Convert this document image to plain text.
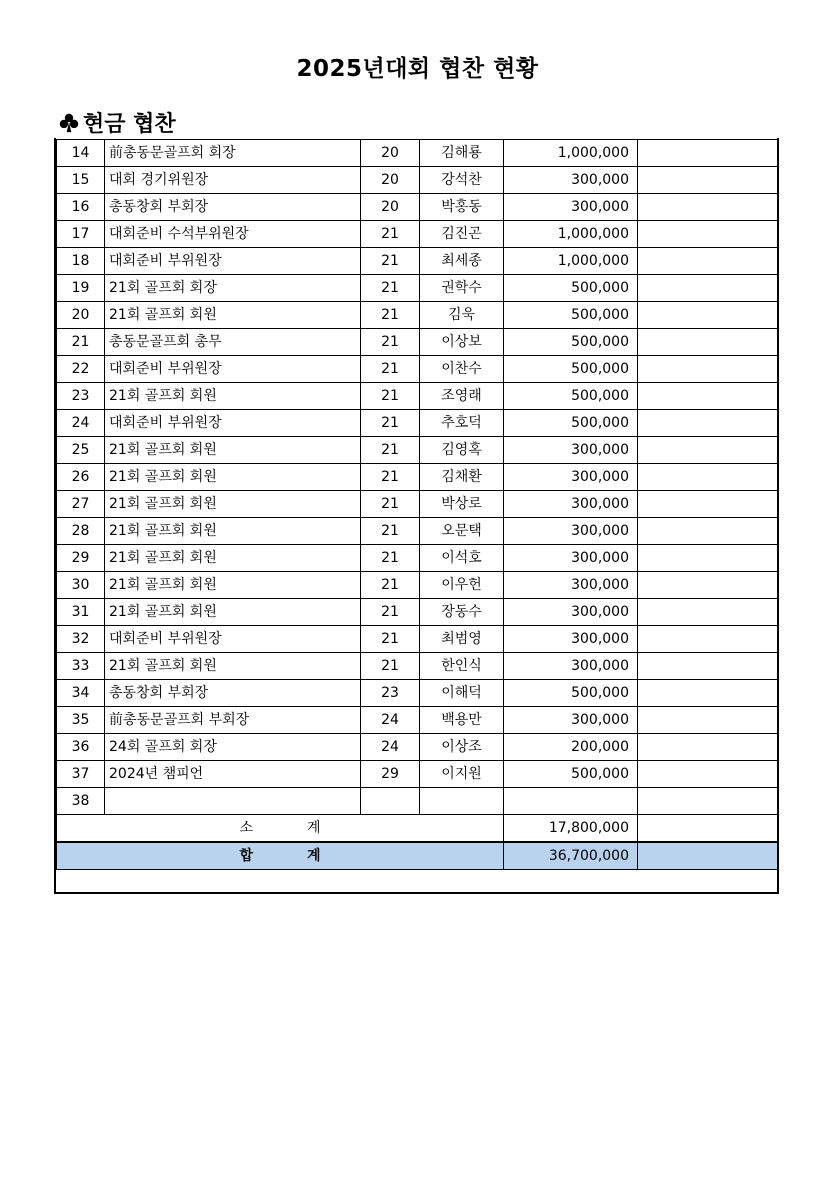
2025년대회 협찬 현황
현금 협찬
14	前총동문골프회 회장	20	김해룡	1,000,000	
15	대회 경기위원장	20	강석찬	300,000	
16	총동창회 부회장	20	박홍동	300,000	
17	대회준비 수석부위원장	21	김진곤	1,000,000	
18	대회준비 부위원장	21	최세종	1,000,000	
19	21회 골프회 회장	21	권학수	500,000	
20	21회 골프회 회원	21	김욱	500,000	
21	총동문골프회 총무	21	이상보	500,000	
22	대회준비 부위원장	21	이찬수	500,000	
23	21회 골프회 회원	21	조영래	500,000	
24	대회준비 부위원장	21	추호덕	500,000	
25	21회 골프회 회원	21	김영혹	300,000	
26	21회 골프회 회원	21	김채환	300,000	
27	21회 골프회 회원	21	박상로	300,000	
28	21회 골프회 회원	21	오문택	300,000	
29	21회 골프회 회원	21	이석호	300,000	
30	21회 골프회 회원	21	이우헌	300,000	
31	21회 골프회 회원	21	장동수	300,000	
32	대회준비 부위원장	21	최범영	300,000	
33	21회 골프회 회원	21	한인식	300,000	
34	총동창회 부회장	23	이해덕	500,000	
35	前총동문골프회 부회장	24	백용만	300,000	
36	24회 골프회 회장	24	이상조	200,000	
37	2024년 챔피언	29	이지원	500,000	
38					
소 계				17,800,000	
합 계				36,700,000	
